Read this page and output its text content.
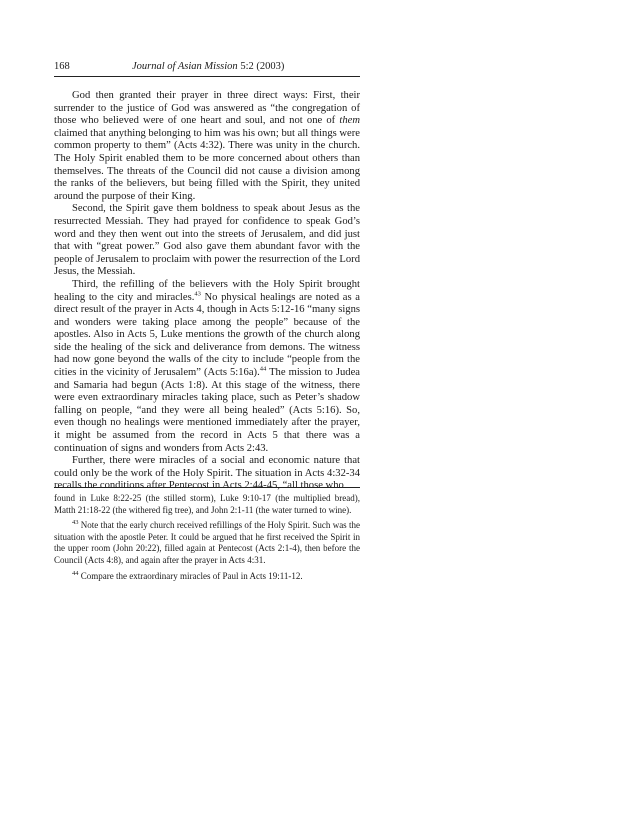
168	Journal of Asian Mission 5:2 (2003)

God then granted their prayer in three direct ways: First, their surrender to the justice of God was answered as “the congregation of those who believed were of one heart and soul, and not one of them claimed that anything belonging to him was his own; but all things were common property to them” (Acts 4:32). There was unity in the church. The Holy Spirit enabled them to be more concerned about others than themselves. The threats of the Council did not cause a division among the ranks of the believers, but being filled with the Spirit, they united around the purpose of their King.

Second, the Spirit gave them boldness to speak about Jesus as the resurrected Messiah. They had prayed for confidence to speak God’s word and they then went out into the streets of Jerusalem, and did just that with “great power.” God also gave them abundant favor with the people of Jerusalem to proclaim with power the resurrection of the Lord Jesus, the Messiah.

Third, the refilling of the believers with the Holy Spirit brought healing to the city and miracles.$^{43}$ No physical healings are noted as a direct result of the prayer in Acts 4, though in Acts 5:12-16 “many signs and wonders were taking place among the people” because of the apostles. Also in Acts 5, Luke mentions the growth of the church along side the healing of the sick and deliverance from demons. The witness had now gone beyond the walls of the city to include “people from the cities in the vicinity of Jerusalem” (Acts 5:16a).$^{44}$ The mission to Judea and Samaria had begun (Acts 1:8). At this stage of the witness, there were even extraordinary miracles taking place, such as Peter’s shadow falling on people, “and they were all being healed” (Acts 5:16). So, even though no healings were mentioned immediately after the prayer, it might be assumed from the record in Acts 5 that there was a continuation of signs and wonders from Acts 2:43.

Further, there were miracles of a social and economic nature that could only be the work of the Holy Spirit. The situation in Acts 4:32-34 recalls the conditions after Pentecost in Acts 2:44-45, “all those who

found in Luke 8:22-25 (the stilled storm), Luke 9:10-17 (the multiplied bread), Matth 21:18-22 (the withered fig tree), and John 2:1-11 (the water turned to wine).

$^{43}$ Note that the early church received refillings of the Holy Spirit. Such was the situation with the apostle Peter. It could be argued that he first received the Spirit in the upper room (John 20:22), filled again at Pentecost (Acts 2:1-4), then before the Council (Acts 4:8), and again after the prayer in Acts 4:31.

$^{44}$ Compare the extraordinary miracles of Paul in Acts 19:11-12.
